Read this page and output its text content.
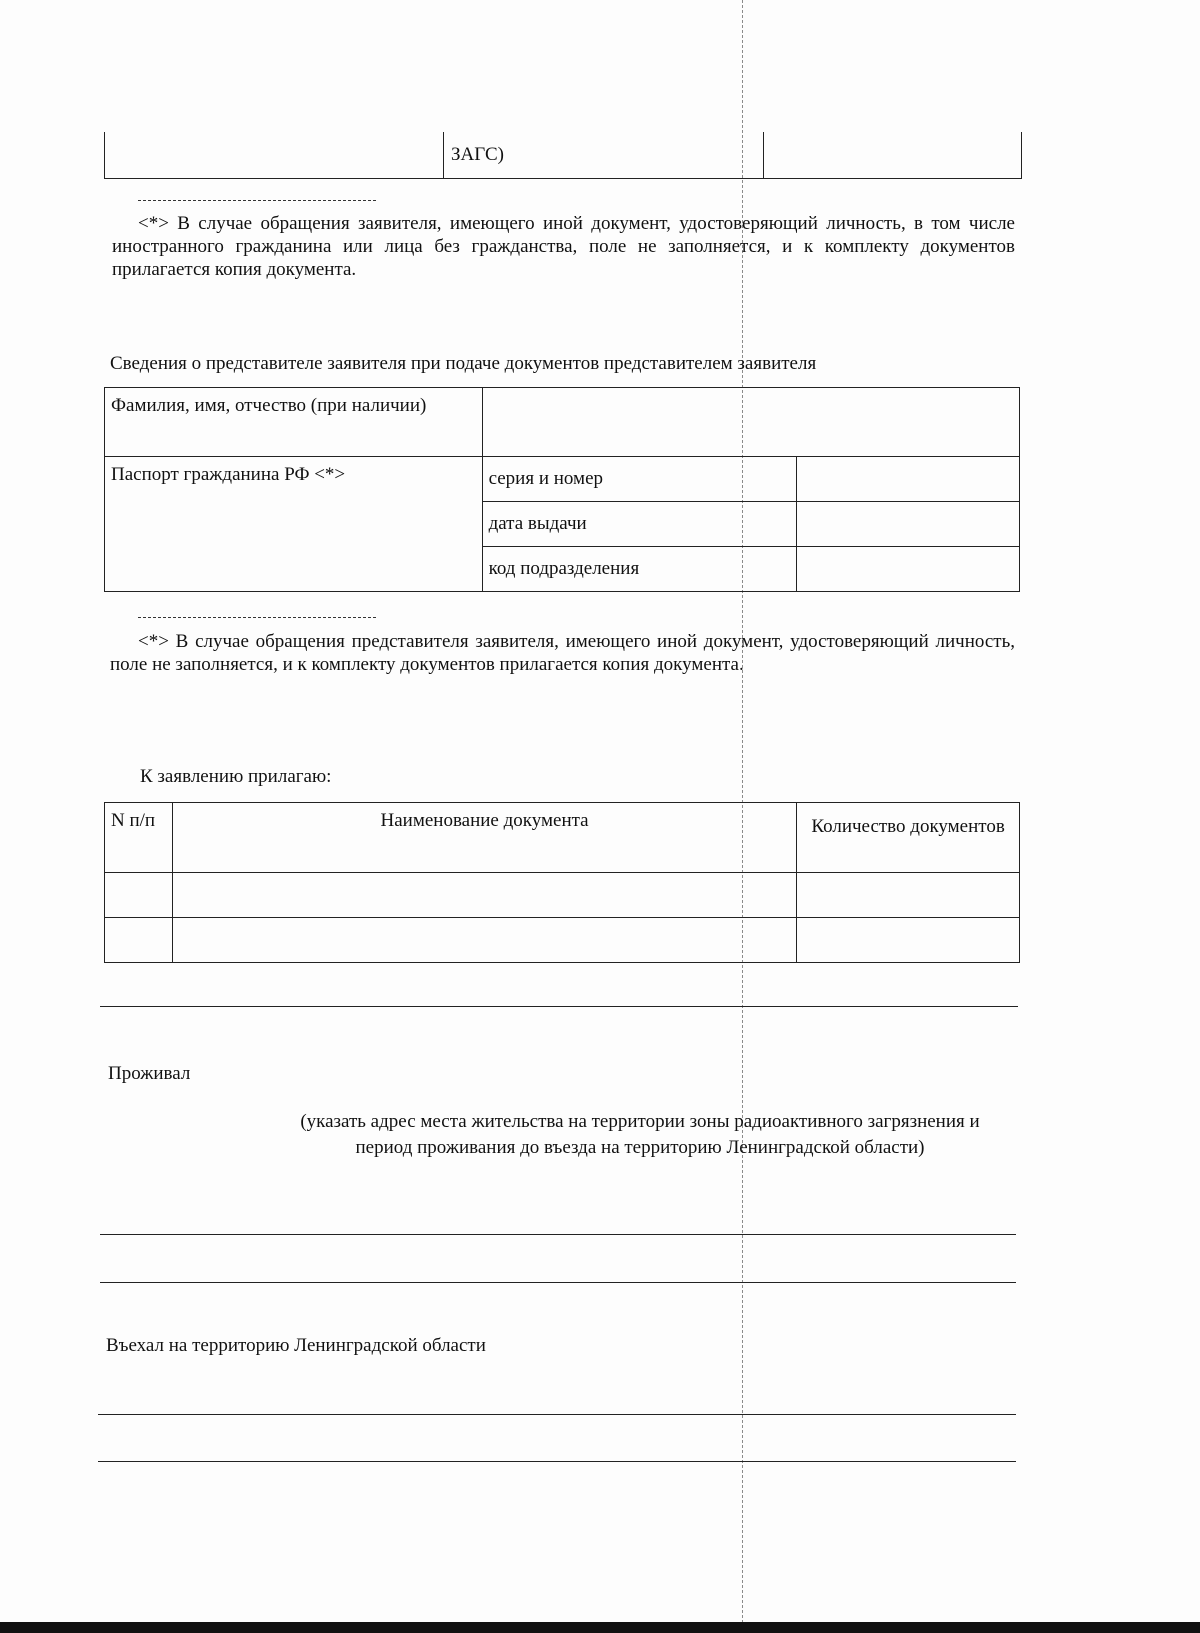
ЗАГС)
<*> В случае обращения заявителя, имеющего иной документ, удостоверяющий личность, в том числе иностранного гражданина или лица без гражданства, поле не заполняется, и к комплекту документов прилагается копия документа.
Сведения о представителе заявителя при подаче документов представителем заявителя
Фамилия, имя, отчество (при наличии)		
Паспорт гражданина РФ <*>	серия и номер	
	дата выдачи	
	код подразделения	
<*> В случае обращения представителя заявителя, имеющего иной документ, удостоверяющий личность, поле не заполняется, и к комплекту документов прилагается копия документа.
К заявлению прилагаю:
N п/п	Наименование документа	Количество документов

Проживал
(указать адрес места жительства на территории зоны радиоактивного загрязнения и период проживания до въезда на территорию Ленинградской области)
Въехал на территорию Ленинградской области
